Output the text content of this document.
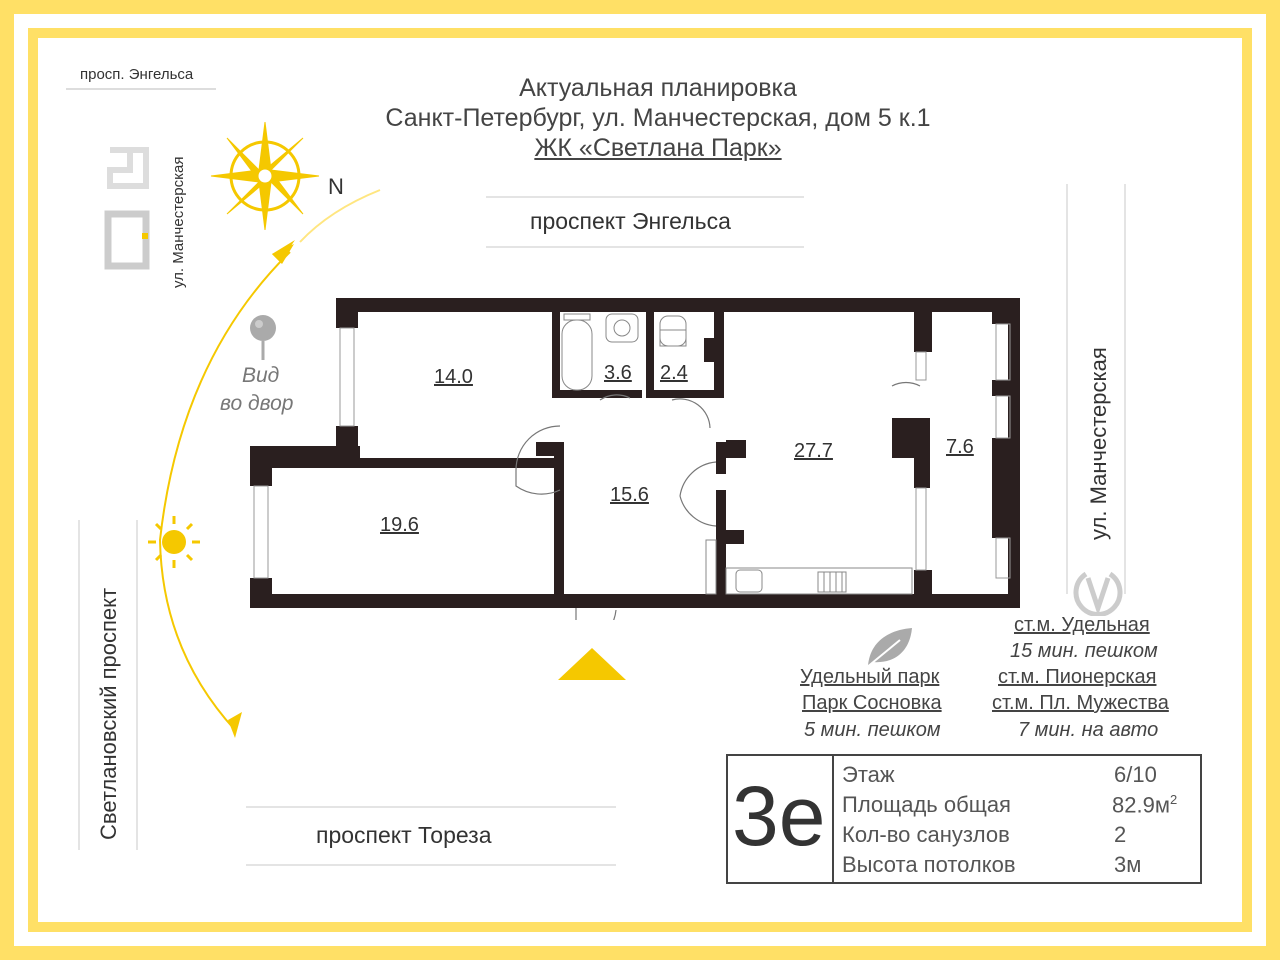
Актуальная планировка
Санкт-Петербург, ул. Манчестерская, дом 5 к.1
ЖК «Светлана Парк»
просп. Энгельса
ул. Манчестерская	N
Вид
во двор
проспект Энгельса
ул. Манчестерская
Светлановский проспект	проспект Тореза
14.0	3.6 2.4
27.7	7.6
19.6
15.6
Удельный парк
Парк Сосновка
5 мин. пешком
ст.м. Удельная
15 мин. пешком
ст.м. Пионерская
ст.м. Пл. Мужества
7 мин. на авто
3е Этаж	6/10
Площадь общая	$82.9м^2$
Кол-во санузлов	2
Высота потолков	3м
